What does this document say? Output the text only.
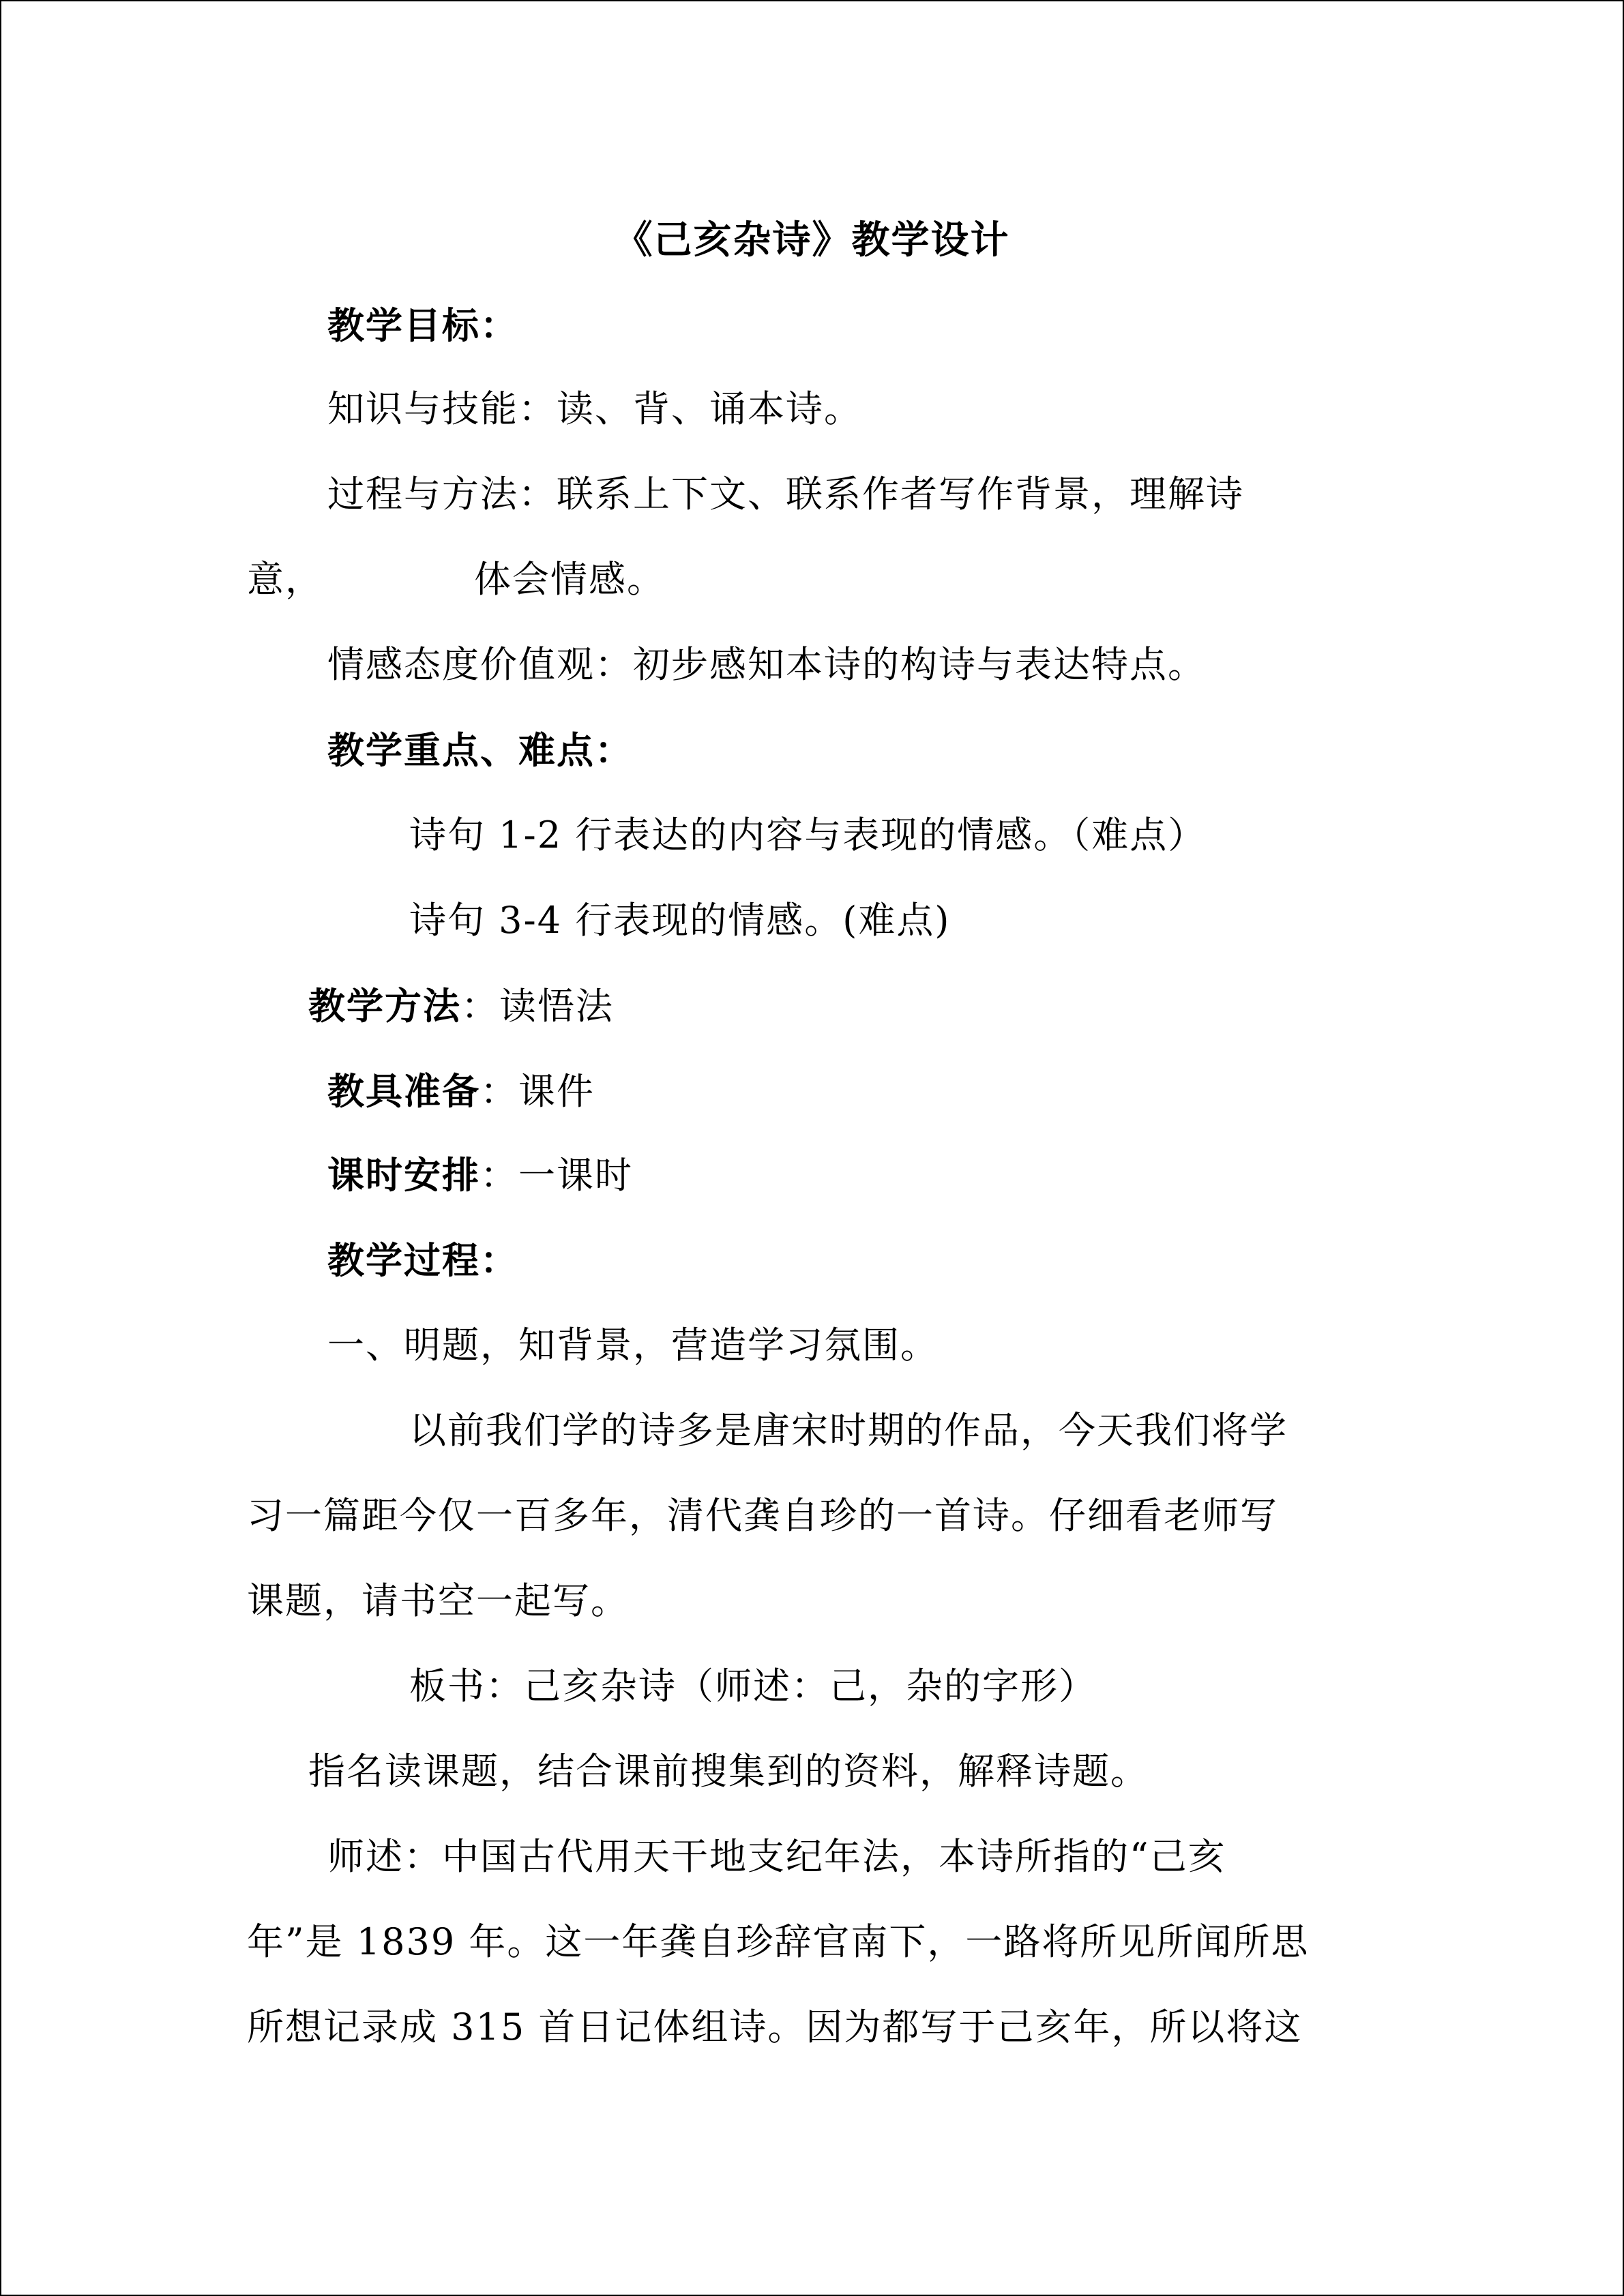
《己亥杂诗》教学设计
教学目标：
知识与技能：读、背、诵本诗。
过程与方法：联系上下文、联系作者写作背景，理解诗
意，	体会情感。
情感态度价值观：初步感知本诗的构诗与表达特点。
教学重点、难点：
诗句 1-2 行表达的内容与表现的情感。（难点）
诗句 3-4 行表现的情感。(难点)
教学方法：读悟法
教具准备：课件
课时安排：一课时
教学过程：
一、明题，知背景，营造学习氛围。
以前我们学的诗多是唐宋时期的作品，今天我们将学
习一篇距今仅一百多年，清代龚自珍的一首诗。仔细看老师写
课题，请书空一起写。
板书：己亥杂诗（师述：己，杂的字形）
指名读课题，结合课前搜集到的资料，解释诗题。
师述：中国古代用天干地支纪年法，本诗所指的“己亥
年”是 1839 年。这一年龚自珍辞官南下，一路将所见所闻所思
所想记录成 315 首日记体组诗。因为都写于己亥年，所以将这
